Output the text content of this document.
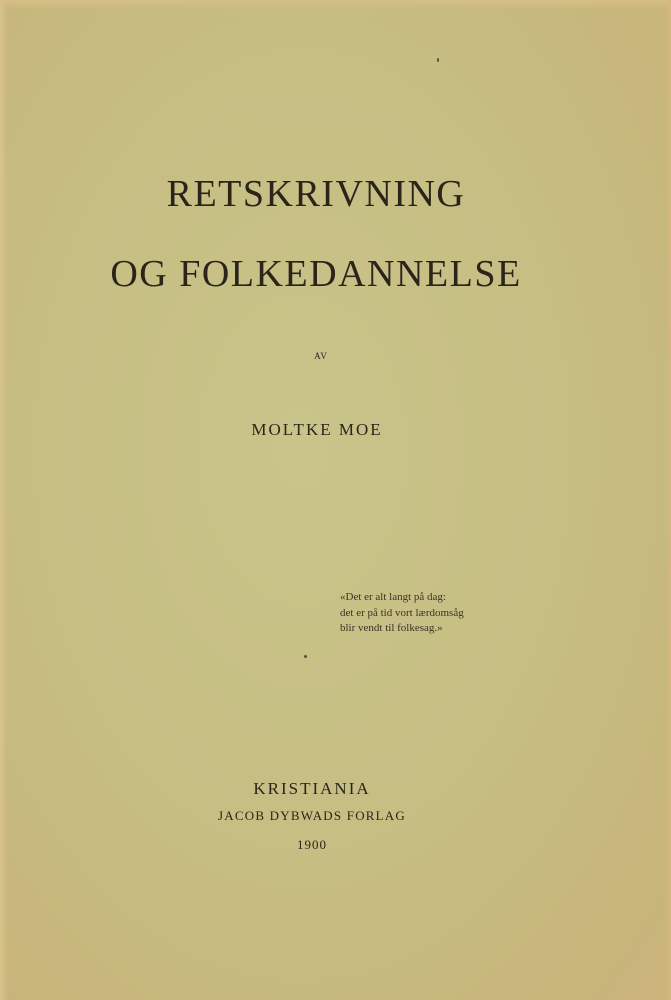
RETSKRIVNING
OG FOLKEDANNELSE
AV
MOLTKE MOE
«Det er alt langt på dag:
det er på tid vort lærdomsåg
blir vendt til folkesag.»
KRISTIANIA
JACOB DYBWADS FORLAG
1900
